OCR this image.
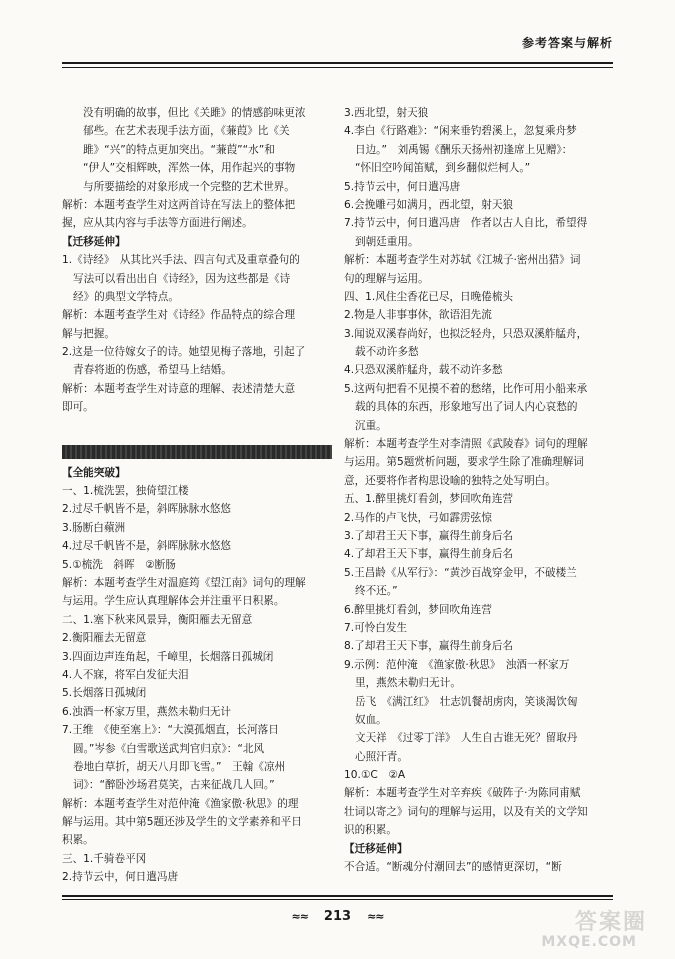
参考答案与解析
没有明确的故事，但比《关雎》的情感韵味更浓
郁些。在艺术表现手法方面，《蒹葭》比《关
雎》“兴”的特点更加突出。“蒹葭”“水”和
“伊人”交相辉映，浑然一体，用作起兴的事物
与所要描绘的对象形成一个完整的艺术世界。
解析：本题考查学生对这两首诗在写法上的整体把
握，应从其内容与手法等方面进行阐述。
【迁移延伸】
1.《诗经》　从其比兴手法、四言句式及重章叠句的
写法可以看出出自《诗经》，因为这些都是《诗
经》的典型文学特点。
解析：本题考查学生对《诗经》作品特点的综合理
解与把握。
2.这是一位待嫁女子的诗。她望见梅子落地，引起了
青春将逝的伤感，希望马上结婚。
解析：本题考查学生对诗意的理解、表述清楚大意
即可。
【全能突破】
一、1.梳洗罢，独倚望江楼
2.过尽千帆皆不是，斜晖脉脉水悠悠
3.肠断白蘋洲
4.过尽千帆皆不是，斜晖脉脉水悠悠
5.①梳洗　斜晖　②断肠
解析：本题考查学生对温庭筠《望江南》词句的理解
与运用。学生应认真理解体会并注重平日积累。
二、1.塞下秋来风景异，衡阳雁去无留意
2.衡阳雁去无留意
3.四面边声连角起，千嶂里，长烟落日孤城闭
4.人不寐，将军白发征夫泪
5.长烟落日孤城闭
6.浊酒一杯家万里，燕然未勒归无计
7.王维　《使至塞上》：“大漠孤烟直，长河落日
圆。”岑参《白雪歌送武判官归京》：“北风
卷地白草折，胡天八月即飞雪。”　王翰《凉州
词》：“醉卧沙场君莫笑，古来征战几人回。”
解析：本题考查学生对范仲淹《渔家傲·秋思》的理
解与运用。其中第5题还涉及学生的文学素养和平日
积累。
三、1.千骑卷平冈
2.持节云中，何日遣冯唐
3.西北望，射天狼
4.李白《行路难》：“闲来垂钓碧溪上，忽复乘舟梦
日边。”　刘禹锡《酬乐天扬州初逢席上见赠》：
“怀旧空吟闻笛赋，到乡翻似烂柯人。”
5.持节云中，何日遣冯唐
6.会挽雕弓如满月，西北望，射天狼
7.持节云中，何日遣冯唐　作者以古人自比，希望得
到朝廷重用。
解析：本题考查学生对苏轼《江城子·密州出猎》词
句的理解与运用。
四、1.风住尘香花已尽，日晚倦梳头
2.物是人非事事休，欲语泪先流
3.闻说双溪春尚好，也拟泛轻舟，只恐双溪舴艋舟，
载不动许多愁
4.只恐双溪舴艋舟，载不动许多愁
5.这两句把看不见摸不着的愁绪，比作可用小船来承
载的具体的东西，形象地写出了词人内心哀愁的
沉重。
解析：本题考查学生对李清照《武陵春》词句的理解
与运用。第5题赏析问题，要求学生除了准确理解词
意，还要将作者构思设喻的独特之处写明白。
五、1.醉里挑灯看剑，梦回吹角连营
2.马作的卢飞快，弓如霹雳弦惊
3.了却君王天下事，赢得生前身后名
4.了却君王天下事，赢得生前身后名
5.王昌龄《从军行》：“黄沙百战穿金甲，不破楼兰
终不还。”
6.醉里挑灯看剑，梦回吹角连营
7.可怜白发生
8.了却君王天下事，赢得生前身后名
9.示例：范仲淹　《渔家傲·秋思》　浊酒一杯家万
里，燕然未勒归无计。
岳飞　《满江红》　壮志饥餐胡虏肉，笑谈渴饮匈
奴血。
文天祥　《过零丁洋》　人生自古谁无死？留取丹
心照汗青。
10.①C　②A
解析：本题考查学生对辛弃疾《破阵子·为陈同甫赋
壮词以寄之》词句的理解与运用，以及有关的文学知
识的积累。
【迁移延伸】
不合适。“断魂分付潮回去”的感情更深切，“断
≈≈ 213 ≈≈	答案圈
MXQE.COM
